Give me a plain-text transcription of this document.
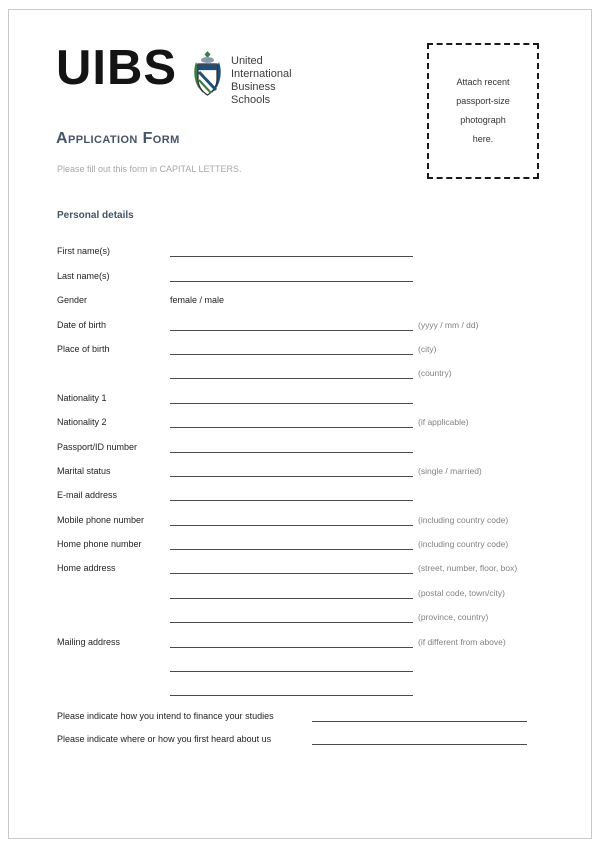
UIBS	United
International
Business
Schools
Attach recent
passport-size
photograph
here.
Application Form
Please fill out this form in CAPITAL LETTERS.
Personal details
First name(s)
Last name(s)
Gender	female / male
Date of birth	(yyyy / mm / dd)
Place of birth	(city)
(country)
Nationality 1
Nationality 2	(if applicable)
Passport/ID number
Marital status	(single / married)
E-mail address
Mobile phone number	(including country code)
Home phone number	(including country code)
Home address	(street, number, floor, box)
(postal code, town/city)
(province, country)
Mailing address	(if different from above)
Please indicate how you intend to finance your studies
Please indicate where or how you first heard about us
